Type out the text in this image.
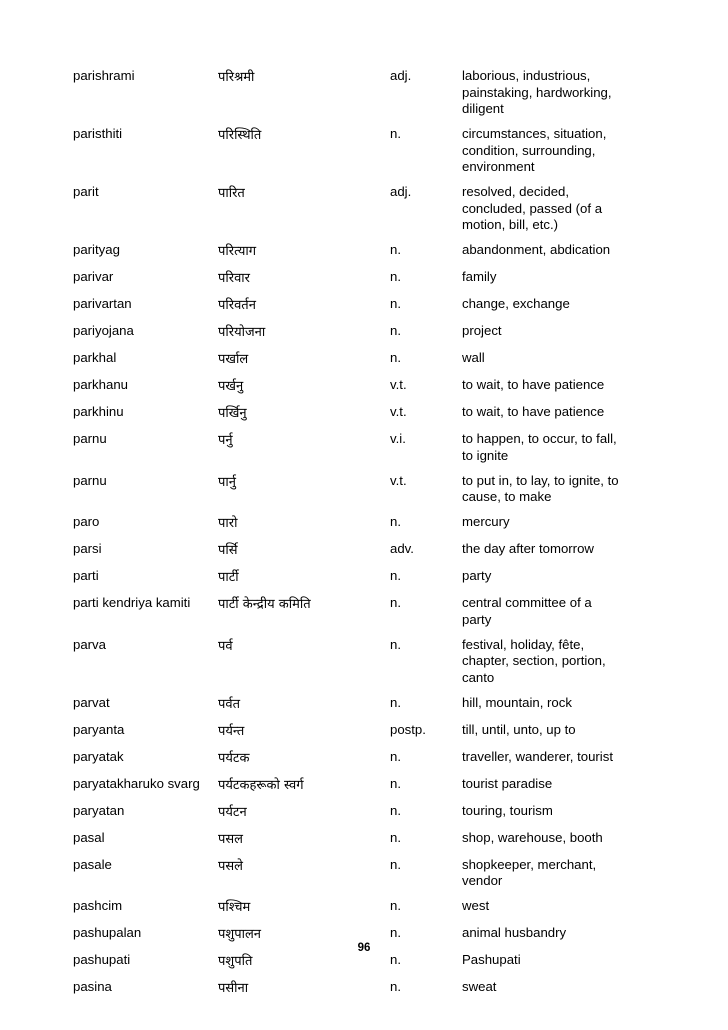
parishrami	परिश्रमी	adj.	laborious, industrious,
painstaking, hardworking,
diligent
paristhiti	परिस्थिति	n.	circumstances, situation,
condition, surrounding,
environment
parit	पारित	adj.	resolved, decided,
concluded, passed (of a
motion, bill, etc.)
parityag	परित्याग	n.	abandonment, abdication
parivar	परिवार	n.	family
parivartan	परिवर्तन	n.	change, exchange
pariyojana	परियोजना	n.	project
parkhal	पर्खाल	n.	wall
parkhanu	पर्खनु	v.t.	to wait, to have patience
parkhinu	पर्खिनु	v.t.	to wait, to have patience
parnu	पर्नु	v.i.	to happen, to occur, to fall,
to ignite
parnu	पार्नु	v.t.	to put in, to lay, to ignite, to
cause, to make
paro	पारो	n.	mercury
parsi	पर्सि	adv.	the day after tomorrow
parti	पार्टी	n.	party
parti kendriya kamiti	पार्टी केन्द्रीय कमिति	n.	central committee of a
party
parva	पर्व	n.	festival, holiday, fête,
chapter, section, portion,
canto
parvat	पर्वत	n.	hill, mountain, rock
paryanta	पर्यन्त	postp.	till, until, unto, up to
paryatak	पर्यटक	n.	traveller, wanderer, tourist
paryatakharuko svarg	पर्यटकहरूको स्वर्ग	n.	tourist paradise
paryatan	पर्यटन	n.	touring, tourism
pasal	पसल	n.	shop, warehouse, booth
pasale	पसले	n.	shopkeeper, merchant,
vendor
pashcim	पश्चिम	n.	west
pashupalan	पशुपालन	n.	animal husbandry
pashupati	पशुपति	n.	Pashupati
pasina	पसीना	n.	sweat
96
